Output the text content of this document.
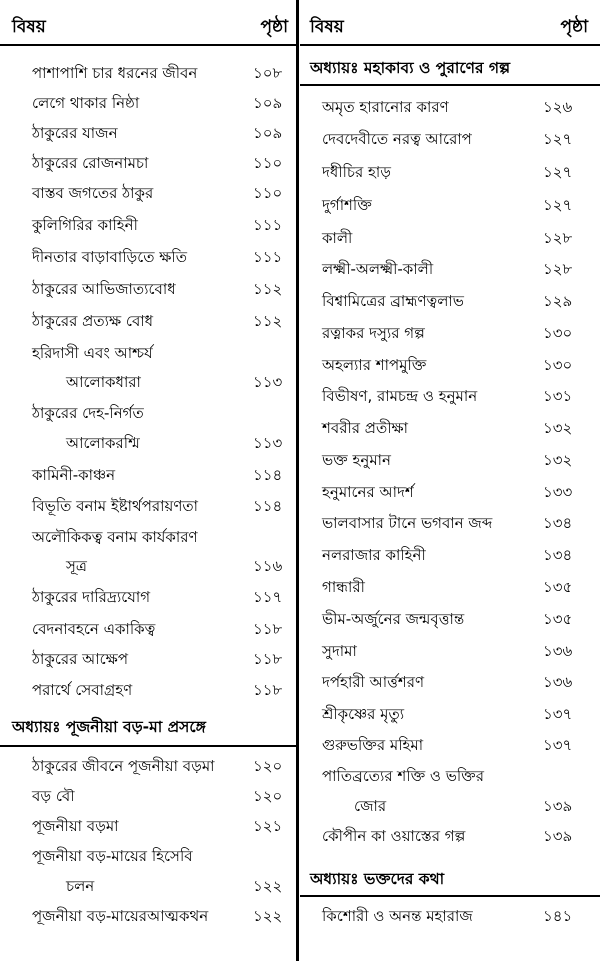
বিষয়	পৃষ্ঠা
পাশাপাশি চার ধরনের জীবন	১০৮
লেগে থাকার নিষ্ঠা	১০৯
ঠাকুরের যাজন	১০৯
ঠাকুরের রোজনামচা	১১০
বাস্তব জগতের ঠাকুর	১১০
কুলিগিরির কাহিনী	১১১
দীনতার বাড়াবাড়িতে ক্ষতি	১১১
ঠাকুরের আভিজাত্যবোধ	১১২
ঠাকুরের প্রত্যক্ষ বোধ	১১২
হরিদাসী এবং আশ্চর্য
আলোকধারা	১১৩
ঠাকুরের দেহ-নির্গত
আলোকরশ্মি	১১৩
কামিনী-কাঞ্চন	১১৪
বিভূতি বনাম ইষ্টার্থপরায়ণতা	১১৪
অলৌকিকত্ব বনাম কার্যকারণ
সূত্র	১১৬
ঠাকুরের দারিদ্র্যযোগ	১১৭
বেদনাবহনে একাকিত্ব	১১৮
ঠাকুরের আক্ষেপ	১১৮
পরার্থে সেবাগ্রহণ	১১৮
অধ্যায়ঃ পূজনীয়া বড়-মা প্রসঙ্গে
ঠাকুরের জীবনে পূজনীয়া বড়মা	১২০
বড় বৌ	১২০
পূজনীয়া বড়মা	১২১
পূজনীয়া বড়-মায়ের হিসেবি
চলন	১২২
পূজনীয়া বড়-মায়েরআত্মকথন	১২২
বিষয়	পৃষ্ঠা
অধ্যায়ঃ মহাকাব্য ও পুরাণের গল্প
অমৃত হারানোর কারণ	১২৬
দেবদেবীতে নরত্ব আরোপ	১২৭
দধীচির হাড়	১২৭
দুর্গাশক্তি	১২৭
কালী	১২৮
লক্ষ্মী-অলক্ষ্মী-কালী	১২৮
বিশ্বামিত্রের ব্রাহ্মণত্বলাভ	১২৯
রত্নাকর দস্যুর গল্প	১৩০
অহল্যার শাপমুক্তি	১৩০
বিভীষণ, রামচন্দ্র ও হনুমান	১৩১
শবরীর প্রতীক্ষা	১৩২
ভক্ত হনুমান	১৩২
হনুমানের আদর্শ	১৩৩
ভালবাসার টানে ভগবান জব্দ	১৩৪
নলরাজার কাহিনী	১৩৪
গান্ধারী	১৩৫
ভীম-অর্জুনের জন্মবৃত্তান্ত	১৩৫
সুদামা	১৩৬
দর্পহারী আর্ত্তশরণ	১৩৬
শ্রীকৃষ্ণের মৃত্যু	১৩৭
গুরুভক্তির মহিমা	১৩৭
পাতিব্রত্যের শক্তি ও ভক্তির
জোর	১৩৯
কৌপীন কা ওয়াস্তের গল্প	১৩৯
অধ্যায়ঃ ভক্তদের কথা
কিশোরী ও অনন্ত মহারাজ	১৪১
